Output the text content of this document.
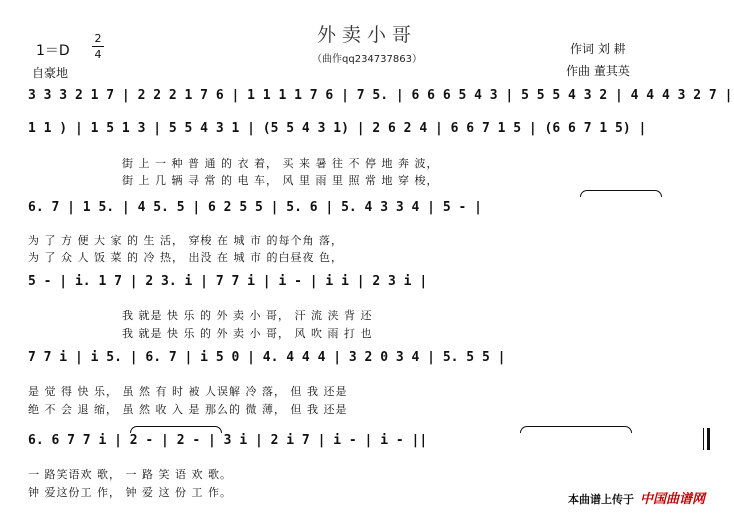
外卖小哥
（曲作qq234737863）
1＝D
2
4
自豪地
作词 刘 耕
作曲 董其英
3 3 3 2 1 7 | 2 2 2 1 7 6 | 1 1 1 1 7 6 | 7 5. | 6 6 6 5 4 3 | 5 5 5 4 3 2 | 4 4 4 3 2 7 |
1 1 ) | 1 5 1 3 | 5 5 4 3 1 | (5 5 4 3 1) | 2 6 2 4 | 6 6 7 1 5 | (6 6 7 1 5) |
街 上 一 种 普 通 的 衣 着， 买 来 暑 往 不 停 地 奔 波，
街 上 几 辆 寻 常 的 电 车， 风 里 雨 里 照 常 地 穿 梭，
6. 7 | 1 5. | 4 5. 5 | 6 2 5 5 | 5. 6 | 5. 4 3 3 4 | 5 - |
为 了 方 便 大 家 的 生 活， 穿梭 在 城 市 的每个角 落，
为 了 众 人 饭 菜 的 冷 热， 出没 在 城 市 的白昼夜 色，
5 - | i. 1 7 | 2 3. i | 7 7 i | i - | i i | 2 3 i |
我 就是 快 乐 的 外 卖 小 哥， 汗 流 浃 背 还
我 就是 快 乐 的 外 卖 小 哥， 风 吹 雨 打 也
7 7 i | i 5. | 6. 7 | i 5 0 | 4. 4 4 4 | 3 2 0 3 4 | 5. 5 5 |
是 觉 得 快 乐， 虽 然 有 时 被 人误解 冷 落， 但 我 还是
绝 不 会 退 缩， 虽 然 收 入 是 那么的 微 薄， 但 我 还是
6. 6 7 7 i | 2 - | 2 - | 3 i | 2 i 7 | i - | i - ||
一 路笑语欢 歌， 一 路 笑 语 欢 歌。
钟 爱这份工 作， 钟 爱 这 份 工 作。
本曲谱上传于 中国曲谱网
